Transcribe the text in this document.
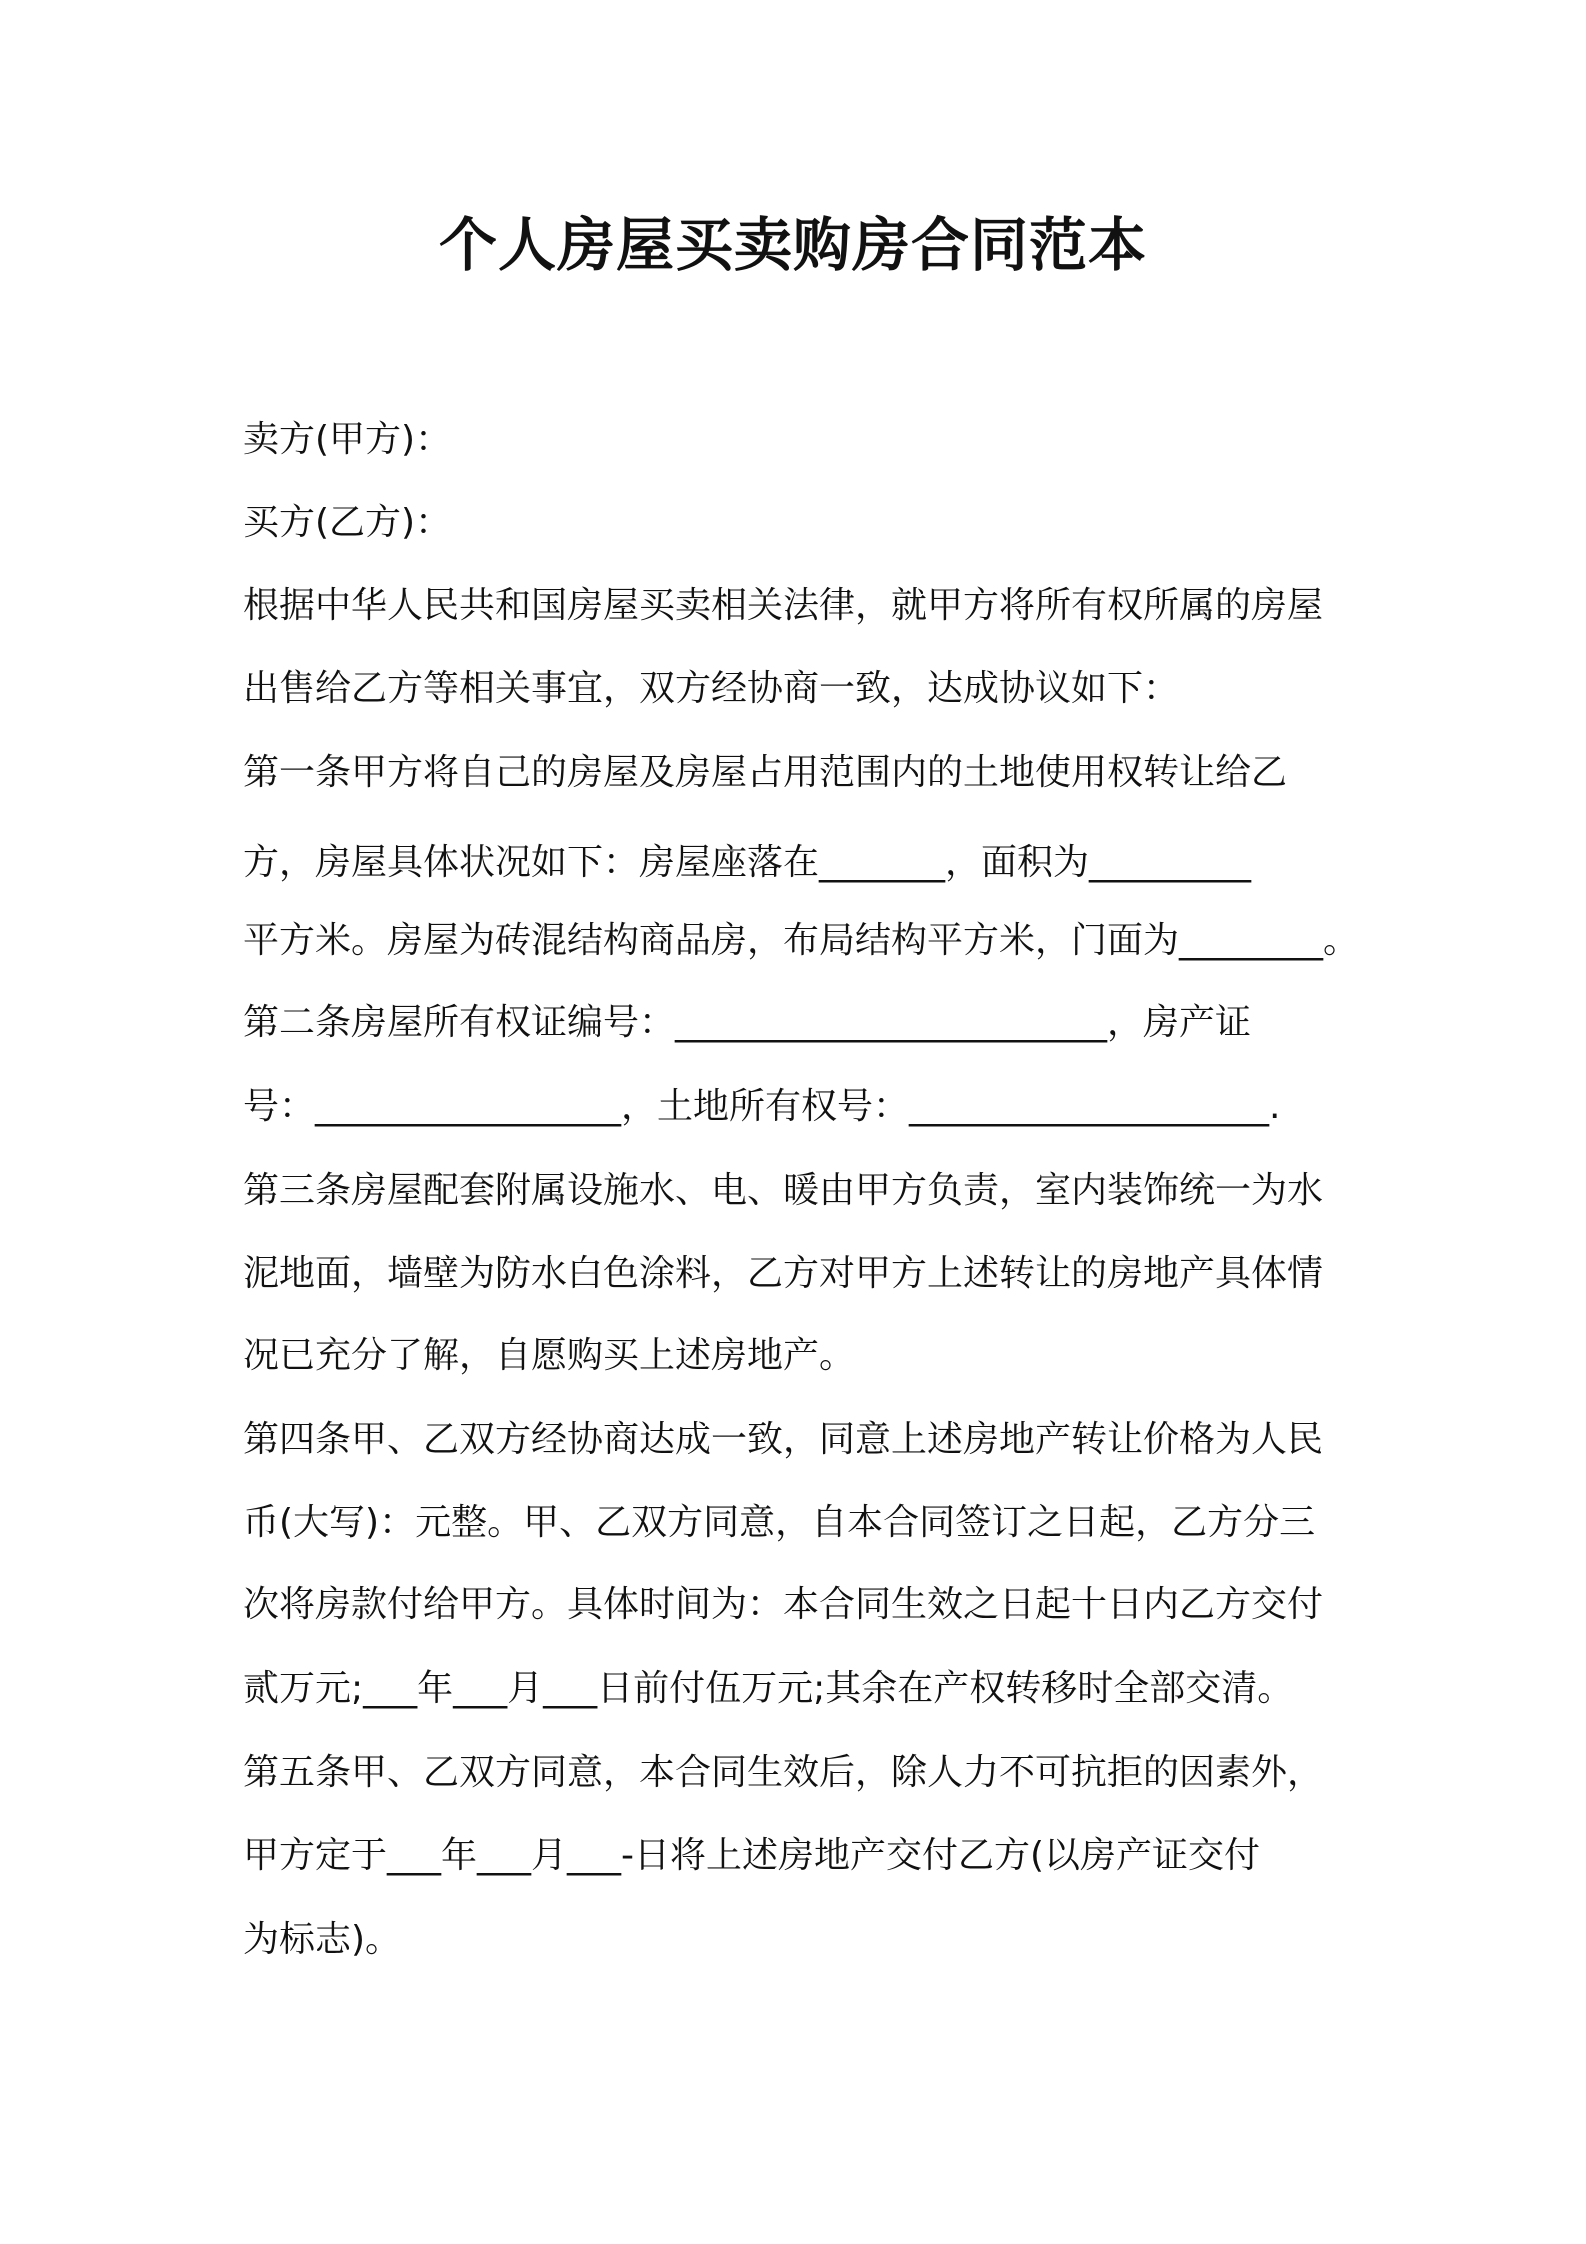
个人房屋买卖购房合同范本
卖方(甲方)：
买方(乙方)：
根据中华人民共和国房屋买卖相关法律，就甲方将所有权所属的房屋
出售给乙方等相关事宜，双方经协商一致，达成协议如下：
第一条甲方将自己的房屋及房屋占用范围内的土地使用权转让给乙
方，房屋具体状况如下：房屋座落在_______，面积为_________
平方米。房屋为砖混结构商品房，布局结构平方米，门面为________。
第二条房屋所有权证编号：________________________，房产证
号：_________________，土地所有权号：____________________.
第三条房屋配套附属设施水、电、暖由甲方负责，室内装饰统一为水
泥地面，墙壁为防水白色涂料，乙方对甲方上述转让的房地产具体情
况已充分了解，自愿购买上述房地产。
第四条甲、乙双方经协商达成一致，同意上述房地产转让价格为人民
币(大写)：元整。甲、乙双方同意，自本合同签订之日起，乙方分三
次将房款付给甲方。具体时间为：本合同生效之日起十日内乙方交付
贰万元;___年___月___日前付伍万元;其余在产权转移时全部交清。
第五条甲、乙双方同意，本合同生效后，除人力不可抗拒的因素外，
甲方定于___年___月___-日将上述房地产交付乙方(以房产证交付
为标志)。
